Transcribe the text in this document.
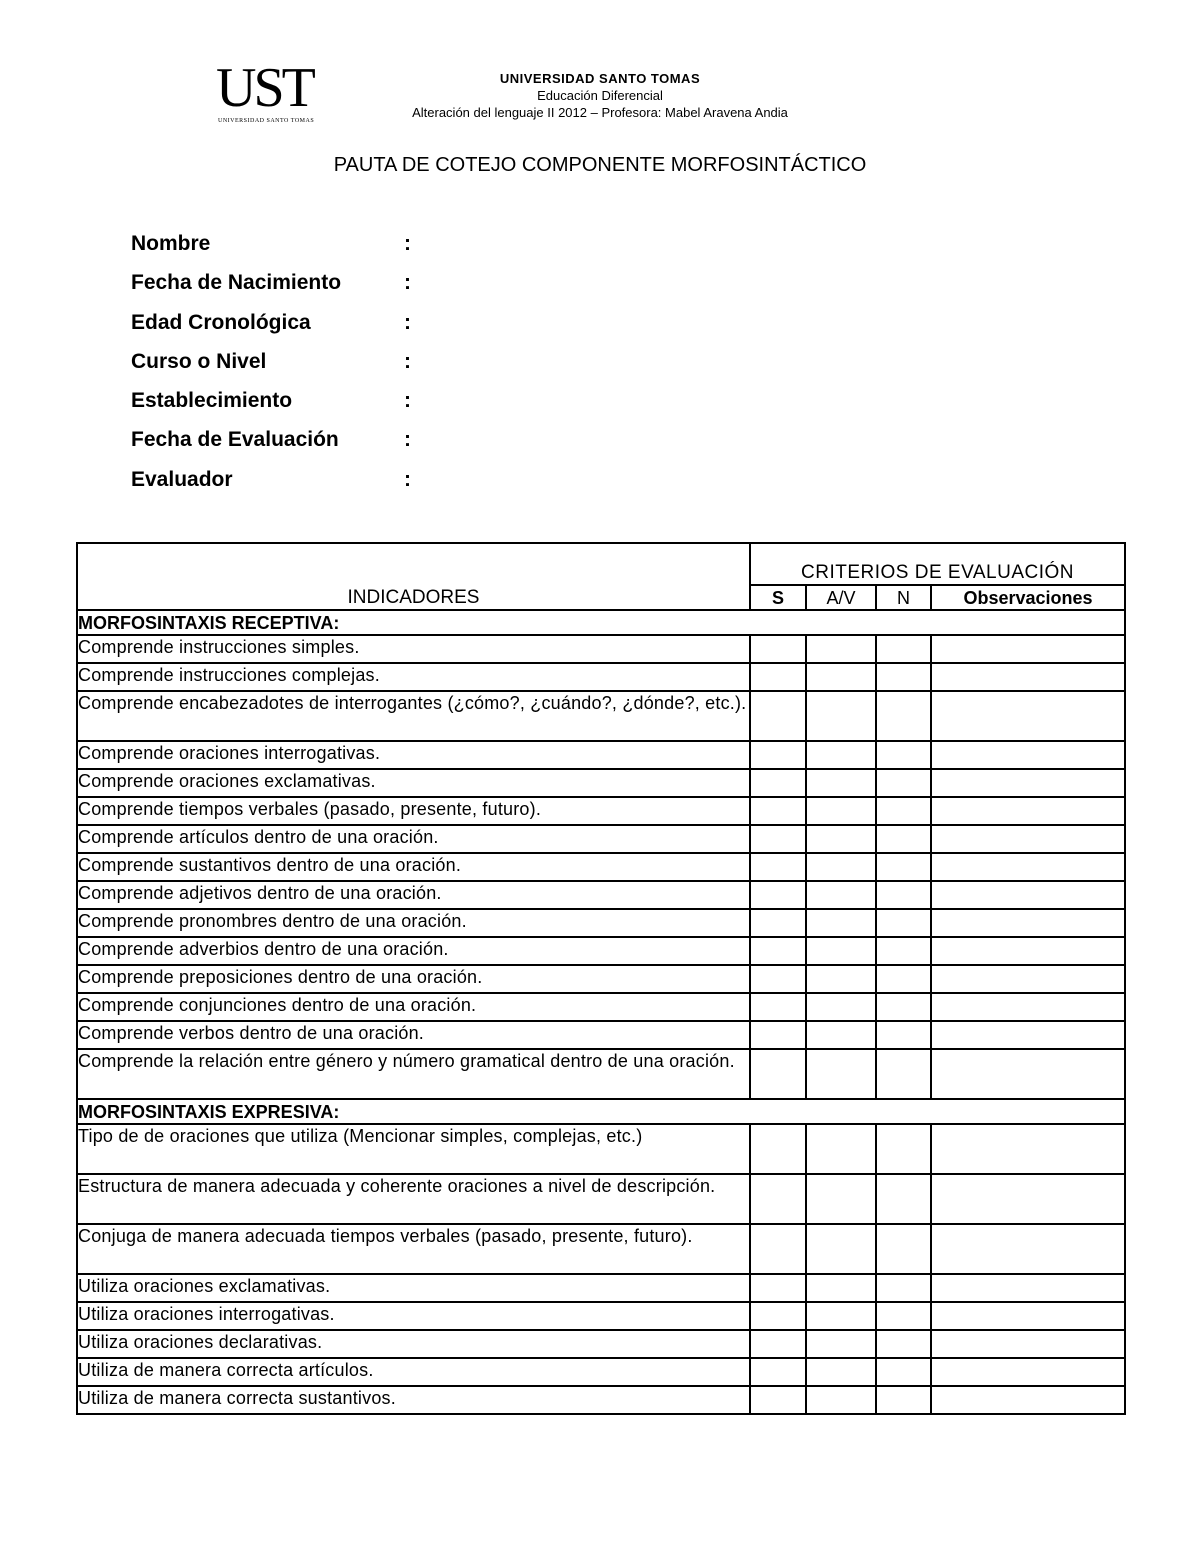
UST
UNIVERSIDAD SANTO TOMAS
UNIVERSIDAD SANTO TOMAS
Educación Diferencial
Alteración del lenguaje II 2012 – Profesora: Mabel Aravena Andia
PAUTA DE COTEJO COMPONENTE MORFOSINTÁCTICO
Nombre	:
Fecha de Nacimiento	:
Edad Cronológica	:
Curso o Nivel	:
Establecimiento	:
Fecha de Evaluación	:
Evaluador	:
INDICADORES	CRITERIOS DE EVALUACIÓN			
	S	A/V	N	Observaciones
MORFOSINTAXIS RECEPTIVA:				
Comprende instrucciones simples.				
Comprende instrucciones complejas.				
Comprende encabezadotes de interrogantes (¿cómo?, ¿cuándo?, ¿dónde?, etc.).				
Comprende oraciones interrogativas.				
Comprende oraciones exclamativas.				
Comprende tiempos verbales (pasado, presente, futuro).				
Comprende artículos dentro de una oración.				
Comprende sustantivos dentro de una oración.				
Comprende adjetivos dentro de una oración.				
Comprende pronombres dentro de una oración.				
Comprende adverbios dentro de una oración.				
Comprende preposiciones dentro de una oración.				
Comprende conjunciones dentro de una oración.				
Comprende verbos dentro de una oración.				
Comprende la relación entre género y número gramatical dentro de una oración.				
MORFOSINTAXIS EXPRESIVA:				
Tipo de de oraciones que utiliza (Mencionar simples, complejas, etc.)				
Estructura de manera adecuada y coherente oraciones a nivel de descripción.				
Conjuga de manera adecuada tiempos verbales (pasado, presente, futuro).				
Utiliza oraciones exclamativas.				
Utiliza oraciones interrogativas.				
Utiliza oraciones declarativas.				
Utiliza de manera correcta artículos.				
Utiliza de manera correcta sustantivos.				
